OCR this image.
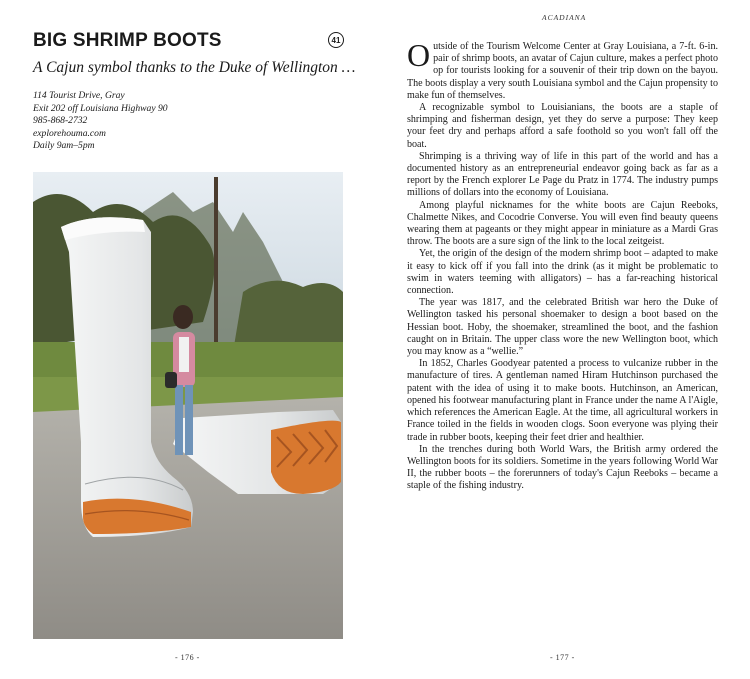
BIG SHRIMP BOOTS	41
A Cajun symbol thanks to the Duke of Wellington …
114 Tourist Drive, Gray
Exit 202 off Louisiana Highway 90
985-868-2732
explorehouma.com
Daily 9am–5pm
- 176 -
ACADIANA

Outside of the Tourism Welcome Center at Gray Louisiana, a 7-ft. 6-in. pair of shrimp boots, an avatar of Cajun culture, makes a perfect photo op for tourists looking for a souvenir of their trip down on the bayou. The boots display a very south Louisiana symbol and the Cajun propensity to make fun of themselves.

A recognizable symbol to Louisianians, the boots are a staple of shrimping and fisherman design, yet they do serve a purpose: They keep your feet dry and perhaps afford a safe foothold so you won't fall off the boat.

Shrimping is a thriving way of life in this part of the world and has a documented history as an entrepreneurial endeavor going back as far as a report by the French explorer Le Page du Pratz in 1774. The industry pumps millions of dollars into the economy of Louisiana.

Among playful nicknames for the white boots are Cajun Reeboks, Chalmette Nikes, and Cocodrie Converse. You will even find beauty queens wearing them at pageants or they might appear in miniature as a Mardi Gras throw. The boots are a sure sign of the link to the local zeitgeist.

Yet, the origin of the design of the modern shrimp boot – adapted to make it easy to kick off if you fall into the drink (as it might be problematic to swim in waters teeming with alligators) – has a far-reaching historical connection.

The year was 1817, and the celebrated British war hero the Duke of Wellington tasked his personal shoemaker to design a boot based on the Hessian boot. Hoby, the shoemaker, streamlined the boot, and the fashion caught on in Britain. The upper class wore the new Wellington boot, which you may know as a “wellie.”

In 1852, Charles Goodyear patented a process to vulcanize rubber in the manufacture of tires. A gentleman named Hiram Hutchinson purchased the patent with the idea of using it to make boots. Hutchinson, an American, opened his footwear manufacturing plant in France under the name A l'Aigle, which references the American Eagle. At the time, all agricultural workers in France toiled in the fields in wooden clogs. Soon everyone was plying their trade in rubber boots, keeping their feet drier and healthier.

In the trenches during both World Wars, the British army ordered the Wellington boots for its soldiers. Sometime in the years following World War II, the rubber boots – the forerunners of today's Cajun Reeboks – became a staple of the fishing industry.

- 177 -
